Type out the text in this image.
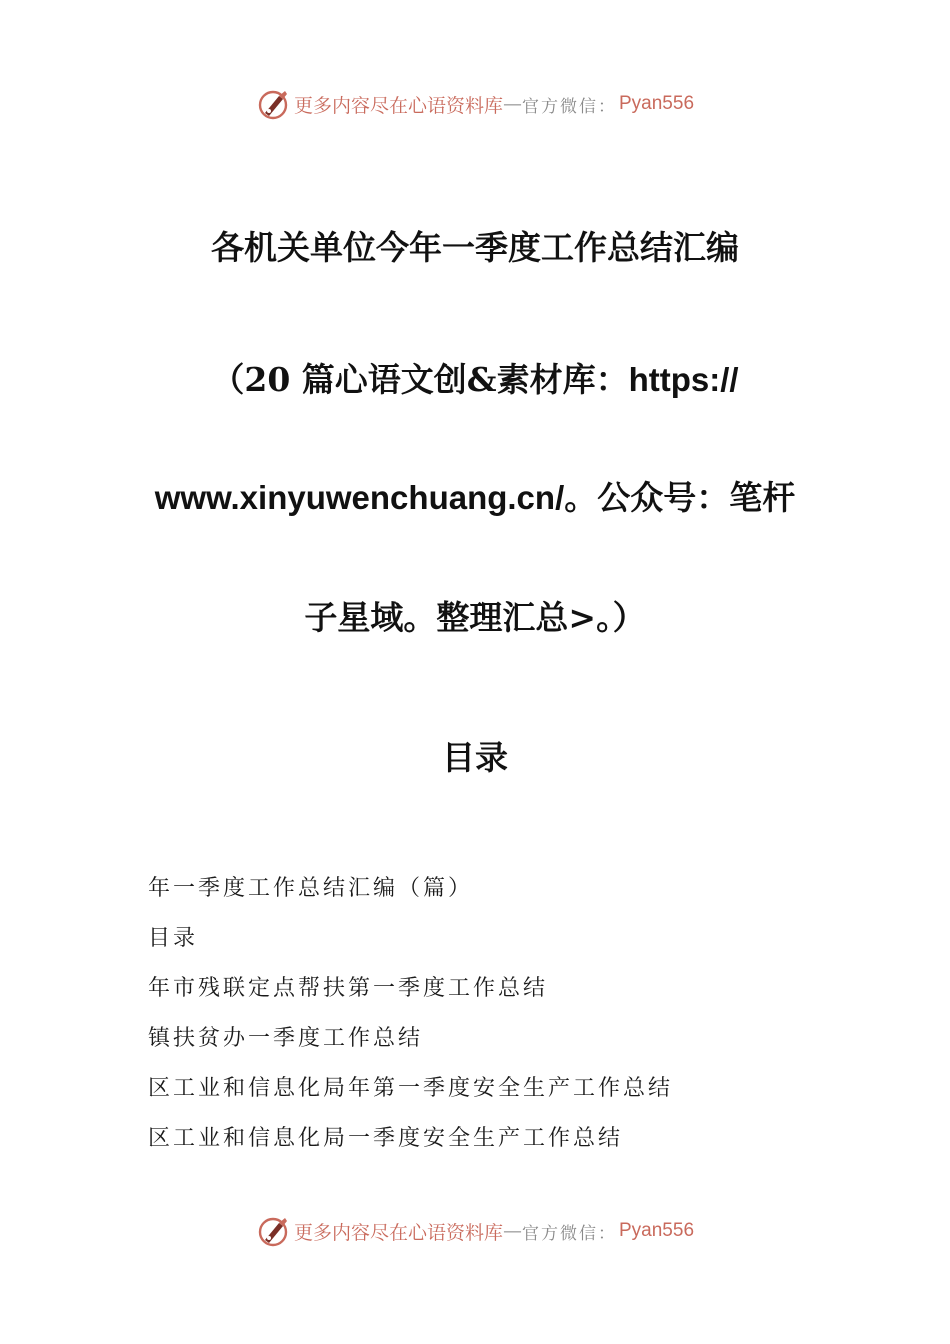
更多内容尽在心语资料库 — 官方微信： Pyan556
各机关单位今年一季度工作总结汇编
（20 篇心语文创&素材库：https://
www.xinyuwenchuang.cn/。公众号：笔杆
子星域。整理汇总>。）
目录
年一季度工作总结汇编（篇）
目录
年市残联定点帮扶第一季度工作总结
镇扶贫办一季度工作总结
区工业和信息化局年第一季度安全生产工作总结
区工业和信息化局一季度安全生产工作总结
更多内容尽在心语资料库 — 官方微信： Pyan556
